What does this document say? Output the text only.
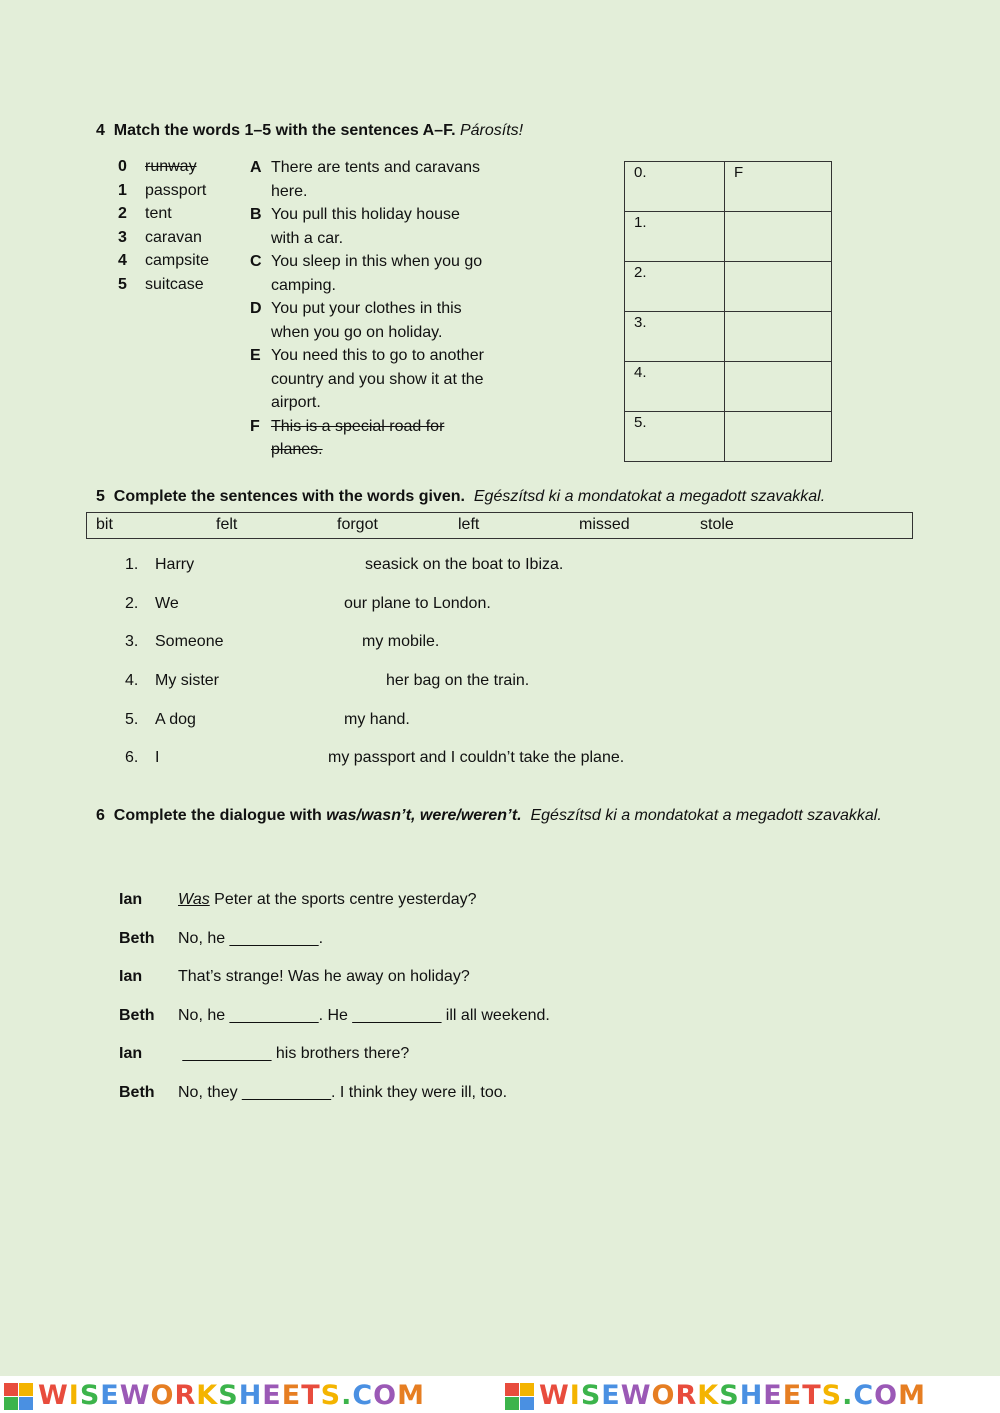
4 Match the words 1–5 with the sentences A–F. Párosíts!
0 runway
1 passport
2 tent
3 caravan
4 campsite
5 suitcase
A There are tents and caravans here.
B You pull this holiday house with a car.
C You sleep in this when you go camping.
D You put your clothes in this when you go on holiday.
E You need this to go to another country and you show it at the airport.
F This is a special road for planes.
0.	F
1.	
2.	
3.	
4.	
5.	
5 Complete the sentences with the words given. Egészítsd ki a mondatokat a megadott szavakkal.
bit	felt	forgot	left	missed	stole
1. Harry	seasick on the boat to Ibiza.
2. We	our plane to London.
3. Someone	my mobile.
4. My sister	her bag on the train.
5. A dog	my hand.
6. I	my passport and I couldn’t take the plane.
6 Complete the dialogue with was/wasn’t, were/weren’t. Egészítsd ki a mondatokat a megadott szavakkal.
Ian Was Peter at the sports centre yesterday?
Beth No, he __________.
Ian That’s strange! Was he away on holiday?
Beth No, he __________. He __________ ill all weekend.
Ian	__________ his brothers there?
Beth No, they __________. I think they were ill, too.
WISEWORKSHEETS.COM	WISEWORKSHEETS.COM
